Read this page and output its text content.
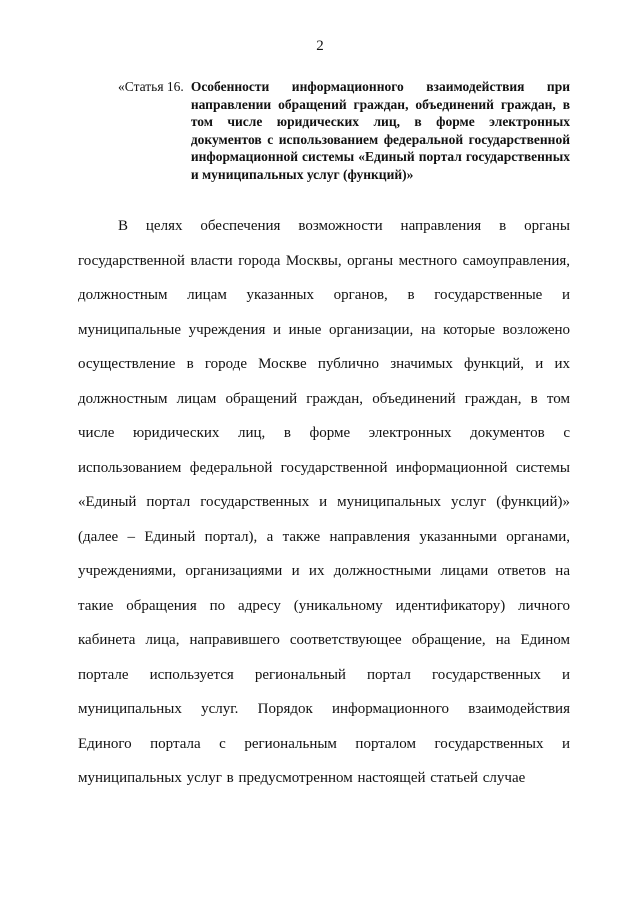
2
«Статья 16. Особенности информационного взаимодействия при направлении обращений граждан, объединений граждан, в том числе юридических лиц, в форме электронных документов с использованием федеральной государственной информационной системы «Единый портал государственных и муниципальных услуг (функций)»

В целях обеспечения возможности направления в органы государственной власти города Москвы, органы местного самоуправления, должностным лицам указанных органов, в государственные и муниципальные учреждения и иные организации, на которые возложено осуществление в городе Москве публично значимых функций, и их должностным лицам обращений граждан, объединений граждан, в том числе юридических лиц, в форме электронных документов с использованием федеральной государственной информационной системы «Единый портал государственных и муниципальных услуг (функций)» (далее – Единый портал), а также направления указанными органами, учреждениями, организациями и их должностными лицами ответов на такие обращения по адресу (уникальному идентификатору) личного кабинета лица, направившего соответствующее обращение, на Едином портале используется региональный портал государственных и муниципальных услуг. Порядок информационного взаимодействия Единого портала с региональным порталом государственных и муниципальных услуг в предусмотренном настоящей статьей случае
